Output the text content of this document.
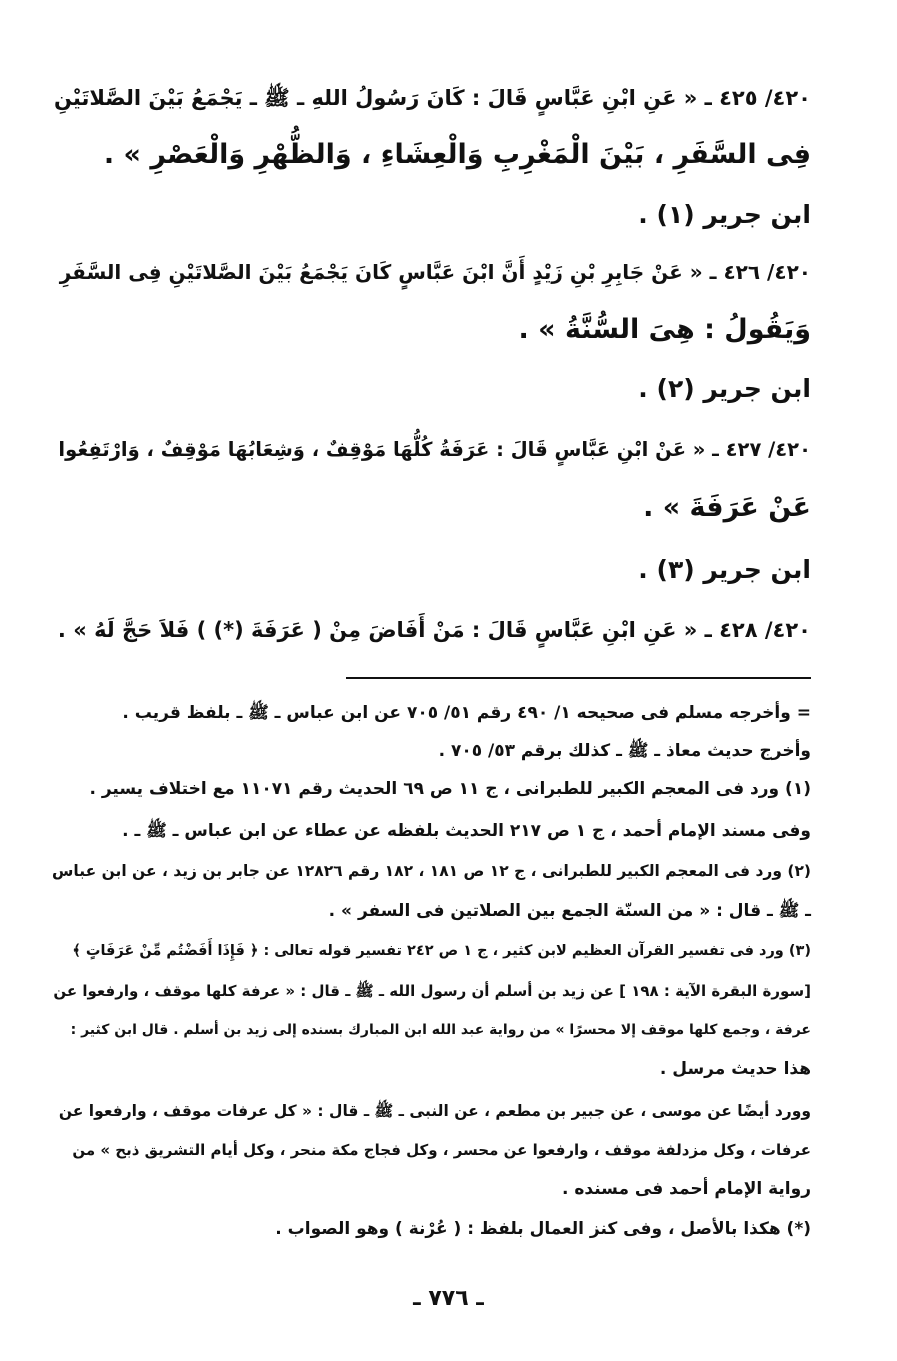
٤٢٠/ ٤٢٥ ـ « عَنِ ابْنِ عَبَّاسٍ قَالَ : كَانَ رَسُولُ اللهِ ـ ﷺ ـ يَجْمَعُ بَيْنَ الصَّلاتَيْنِ
فِى السَّفَرِ ، بَيْنَ الْمَغْرِبِ وَالْعِشَاءِ ، وَالظُّهْرِ وَالْعَصْرِ » .
ابن جرير (١) .
٤٢٠/ ٤٢٦ ـ « عَنْ جَابِرِ بْنِ زَيْدٍ أَنَّ ابْنَ عَبَّاسٍ كَانَ يَجْمَعُ بَيْنَ الصَّلاتَيْنِ فِى السَّفَرِ
وَيَقُولُ : هِىَ السُّنَّةُ » .
ابن جرير (٢) .
٤٢٠/ ٤٢٧ ـ « عَنْ ابْنِ عَبَّاسٍ قَالَ : عَرَفَةُ كُلُّهَا مَوْقِفٌ ، وَشِعَابُهَا مَوْقِفٌ ، وَارْتَفِعُوا
عَنْ عَرَفَةَ » .
ابن جرير (٣) .
٤٢٠/ ٤٢٨ ـ « عَنِ ابْنِ عَبَّاسٍ قَالَ : مَنْ أَفَاضَ مِنْ ( عَرَفَةَ (*) ) فَلاَ حَجَّ لَهُ » .
= وأخرجه مسلم فى صحيحه ١/ ٤٩٠ رقم ٥١/ ٧٠٥ عن ابن عباس ـ ﷺ ـ بلفظ قريب .
وأخرج حديث معاذ ـ ﷺ ـ كذلك برقم ٥٣/ ٧٠٥ .
(١) ورد فى المعجم الكبير للطبرانى ، ج ١١ ص ٦٩ الحديث رقم ١١٠٧١ مع اختلاف يسير .
وفى مسند الإمام أحمد ، ج ١ ص ٢١٧ الحديث بلفظه عن عطاء عن ابن عباس ـ ﷺ ـ .
(٢) ورد فى المعجم الكبير للطبرانى ، ج ١٢ ص ١٨١ ، ١٨٢ رقم ١٢٨٢٦ عن جابر بن زيد ، عن ابن عباس
ـ ﷺ ـ قال : « من السنّة الجمع بين الصلاتين فى السفر » .
(٣) ورد فى تفسير القرآن العظيم لابن كثير ، ج ١ ص ٢٤٢ تفسير قوله تعالى : ﴿ فَإِذَا أَفَضْتُم مِّنْ عَرَفَاتٍ ﴾
[سورة البقرة الآية : ١٩٨ ] عن زيد بن أسلم أن رسول الله ـ ﷺ ـ قال : « عرفة كلها موقف ، وارفعوا عن
عرفة ، وجمع كلها موقف إلا محسرًا » من رواية عبد الله ابن المبارك بسنده إلى زيد بن أسلم . قال ابن كثير :
هذا حديث مرسل .
وورد أيضًا عن موسى ، عن جبير بن مطعم ، عن النبى ـ ﷺ ـ قال : « كل عرفات موقف ، وارفعوا عن
عرفات ، وكل مزدلفة موقف ، وارفعوا عن محسر ، وكل فجاج مكة منحر ، وكل أيام التشريق ذبح » من
رواية الإمام أحمد فى مسنده .
(*) هكذا بالأصل ، وفى كنز العمال بلفظ : ( عُرْنة ) وهو الصواب .
ـ ٧٧٦ ـ
